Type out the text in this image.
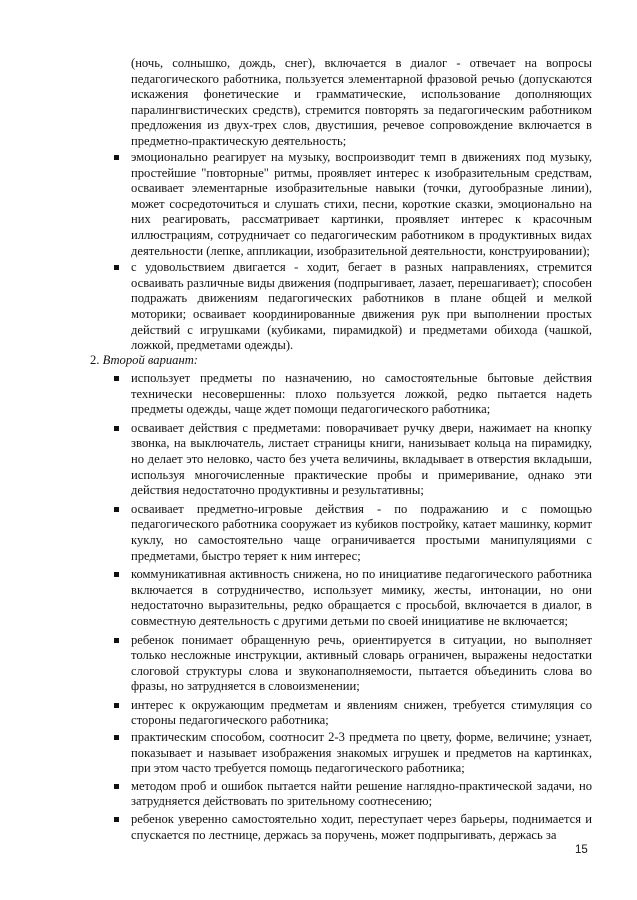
(ночь, солнышко, дождь, снег), включается в диалог - отвечает на вопросы педагогического работника, пользуется элементарной фразовой речью (допускаются искажения фонетические и грамматические, использование дополняющих паралингвистических средств), стремится повторять за педагогическим работником предложения из двух-трех слов, двустишия, речевое сопровождение включается в предметно-практическую деятельность;

эмоционально реагирует на музыку, воспроизводит темп в движениях под музыку, простейшие "повторные" ритмы, проявляет интерес к изобразительным средствам, осваивает элементарные изобразительные навыки (точки, дугообразные линии), может сосредоточиться и слушать стихи, песни, короткие сказки, эмоционально на них реагировать, рассматривает картинки, проявляет интерес к красочным иллюстрациям, сотрудничает со педагогическим работником в продуктивных видах деятельности (лепке, аппликации, изобразительной деятельности, конструировании);
с удовольствием двигается - ходит, бегает в разных направлениях, стремится осваивать различные виды движения (подпрыгивает, лазает, перешагивает); способен подражать движениям педагогических работников в плане общей и мелкой моторики; осваивает координированные движения рук при выполнении простых действий с игрушками (кубиками, пирамидкой) и предметами обихода (чашкой, ложкой, предметами одежды).

2. Второй вариант:

использует предметы по назначению, но самостоятельные бытовые действия технически несовершенны: плохо пользуется ложкой, редко пытается надеть предметы одежды, чаще ждет помощи педагогического работника;
осваивает действия с предметами: поворачивает ручку двери, нажимает на кнопку звонка, на выключатель, листает страницы книги, нанизывает кольца на пирамидку, но делает это неловко, часто без учета величины, вкладывает в отверстия вкладыши, используя многочисленные практические пробы и примеривание, однако эти действия недостаточно продуктивны и результативны;
осваивает предметно-игровые действия - по подражанию и с помощью педагогического работника сооружает из кубиков постройку, катает машинку, кормит куклу, но самостоятельно чаще ограничивается простыми манипуляциями с предметами, быстро теряет к ним интерес;
коммуникативная активность снижена, но по инициативе педагогического работника включается в сотрудничество, использует мимику, жесты, интонации, но они недостаточно выразительны, редко обращается с просьбой, включается в диалог, в совместную деятельность с другими детьми по своей инициативе не включается;
ребенок понимает обращенную речь, ориентируется в ситуации, но выполняет только несложные инструкции, активный словарь ограничен, выражены недостатки слоговой структуры слова и звуконаполняемости, пытается объединить слова во фразы, но затрудняется в словоизменении;
интерес к окружающим предметам и явлениям снижен, требуется стимуляция со стороны педагогического работника;
практическим способом, соотносит 2-3 предмета по цвету, форме, величине; узнает, показывает и называет изображения знакомых игрушек и предметов на картинках, при этом часто требуется помощь педагогического работника;
методом проб и ошибок пытается найти решение наглядно-практической задачи, но затрудняется действовать по зрительному соотнесению;
ребенок уверенно самостоятельно ходит, переступает через барьеры, поднимается и спускается по лестнице, держась за поручень, может подпрыгивать, держась за
15
